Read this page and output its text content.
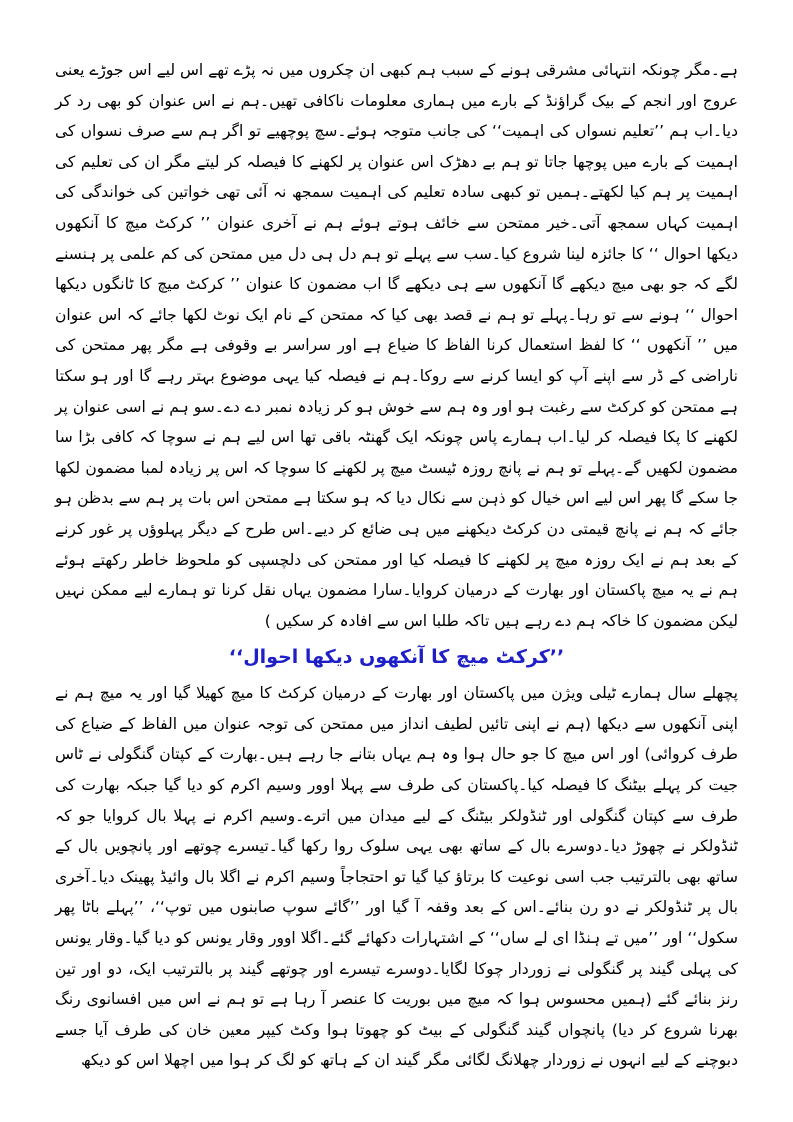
ہے۔مگر چونکہ انتہائی مشرقی ہونے کے سبب ہم کبھی ان چکروں میں نہ پڑے تھے اس لیے اس جوڑے یعنی عروج اور انجم کے بیک گراؤنڈ کے بارے میں ہماری معلومات ناکافی تھیں۔ہم نے اس عنوان کو بھی رد کر دیا۔اب ہم ’’تعلیم نسواں کی اہمیت‘‘ کی جانب متوجہ ہوئے۔سچ پوچھیے تو اگر ہم سے صرف نسواں کی اہمیت کے بارے میں پوچھا جاتا تو ہم بے دھڑک اس عنوان پر لکھنے کا فیصلہ کر لیتے مگر ان کی تعلیم کی اہمیت پر ہم کیا لکھتے۔ہمیں تو کبھی سادہ تعلیم کی اہمیت سمجھ نہ آئی تھی خواتین کی خواندگی کی اہمیت کہاں سمجھ آتی۔خیر ممتحن سے خائف ہوتے ہوئے ہم نے آخری عنوان ’’ کرکٹ میچ کا آنکھوں دیکھا احوال ‘‘ کا جائزہ لینا شروع کیا۔سب سے پہلے تو ہم دل ہی دل میں ممتحن کی کم علمی پر ہنسنے لگے کہ جو بھی میچ دیکھے گا آنکھوں سے ہی دیکھے گا اب مضمون کا عنوان ’’ کرکٹ میچ کا ٹانگوں دیکھا احوال ‘‘ ہونے سے تو رہا۔پہلے تو ہم نے قصد بھی کیا کہ ممتحن کے نام ایک نوٹ لکھا جائے کہ اس عنوان میں ’’ آنکھوں ‘‘ کا لفظ استعمال کرنا الفاظ کا ضیاع ہے اور سراسر بے وقوفی ہے مگر پھر ممتحن کی ناراضی کے ڈر سے اپنے آپ کو ایسا کرنے سے روکا۔ہم نے فیصلہ کیا یہی موضوع بہتر رہے گا اور ہو سکتا ہے ممتحن کو کرکٹ سے رغبت ہو اور وہ ہم سے خوش ہو کر زیادہ نمبر دے دے۔سو ہم نے اسی عنوان پر لکھنے کا پکا فیصلہ کر لیا۔اب ہمارے پاس چونکہ ایک گھنٹہ باقی تھا اس لیے ہم نے سوچا کہ کافی بڑا سا مضمون لکھیں گے۔پہلے تو ہم نے پانچ روزہ ٹیسٹ میچ پر لکھنے کا سوچا کہ اس پر زیادہ لمبا مضمون لکھا جا سکے گا پھر اس لیے اس خیال کو ذہن سے نکال دیا کہ ہو سکتا ہے ممتحن اس بات پر ہم سے بدظن ہو جائے کہ ہم نے پانچ قیمتی دن کرکٹ دیکھنے میں ہی ضائع کر دیے۔اس طرح کے دیگر پہلوؤں پر غور کرنے کے بعد ہم نے ایک روزہ میچ پر لکھنے کا فیصلہ کیا اور ممتحن کی دلچسپی کو ملحوظ خاطر رکھتے ہوئے ہم نے یہ میچ پاکستان اور بھارت کے درمیان کروایا۔سارا مضمون یہاں نقل کرنا تو ہمارے لیے ممکن نہیں لیکن مضمون کا خاکہ ہم دے رہے ہیں تاکہ طلبا اس سے افادہ کر سکیں )

’’کرکٹ میچ کا آنکھوں دیکھا احوال‘‘

پچھلے سال ہمارے ٹیلی ویژن میں پاکستان اور بھارت کے درمیان کرکٹ کا میچ کھیلا گیا اور یہ میچ ہم نے اپنی آنکھوں سے دیکھا (ہم نے اپنی تائیں لطیف انداز میں ممتحن کی توجہ عنوان میں الفاظ کے ضیاع کی طرف کروائی) اور اس میچ کا جو حال ہوا وہ ہم یہاں بتانے جا رہے ہیں۔بھارت کے کپتان گنگولی نے ٹاس جیت کر پہلے بیٹنگ کا فیصلہ کیا۔پاکستان کی طرف سے پہلا اوور وسیم اکرم کو دیا گیا جبکہ بھارت کی طرف سے کپتان گنگولی اور ٹنڈولکر بیٹنگ کے لیے میدان میں اترے۔وسیم اکرم نے پہلا بال کروایا جو کہ ٹنڈولکر نے چھوڑ دیا۔دوسرے بال کے ساتھ بھی یہی سلوک روا رکھا گیا۔تیسرے چوتھے اور پانچویں بال کے ساتھ بھی بالترتیب جب اسی نوعیت کا برتاؤ کیا گیا تو احتجاجاً وسیم اکرم نے اگلا بال وائیڈ پھینک دیا۔آخری بال پر ٹنڈولکر نے دو رن بنائے۔اس کے بعد وقفہ آ گیا اور ’’گائے سوپ صابنوں میں توپ‘‘، ’’پہلے باٹا پھر سکول‘‘ اور ’’میں تے ہنڈا ای لے ساں‘‘ کے اشتہارات دکھائے گئے۔اگلا اوور وقار یونس کو دیا گیا۔وقار یونس کی پہلی گیند پر گنگولی نے زوردار چوکا لگایا۔دوسرے تیسرے اور چوتھے گیند پر بالترتیب ایک، دو اور تین رنز بنائے گئے (ہمیں محسوس ہوا کہ میچ میں بوریت کا عنصر آ رہا ہے تو ہم نے اس میں افسانوی رنگ بھرنا شروع کر دیا) پانچواں گیند گنگولی کے بیٹ کو چھوتا ہوا وکٹ کیپر معین خان کی طرف آیا جسے دبوچنے کے لیے انہوں نے زوردار چھلانگ لگائی مگر گیند ان کے ہاتھ کو لگ کر ہوا میں اچھلا اس کو دیکھ
